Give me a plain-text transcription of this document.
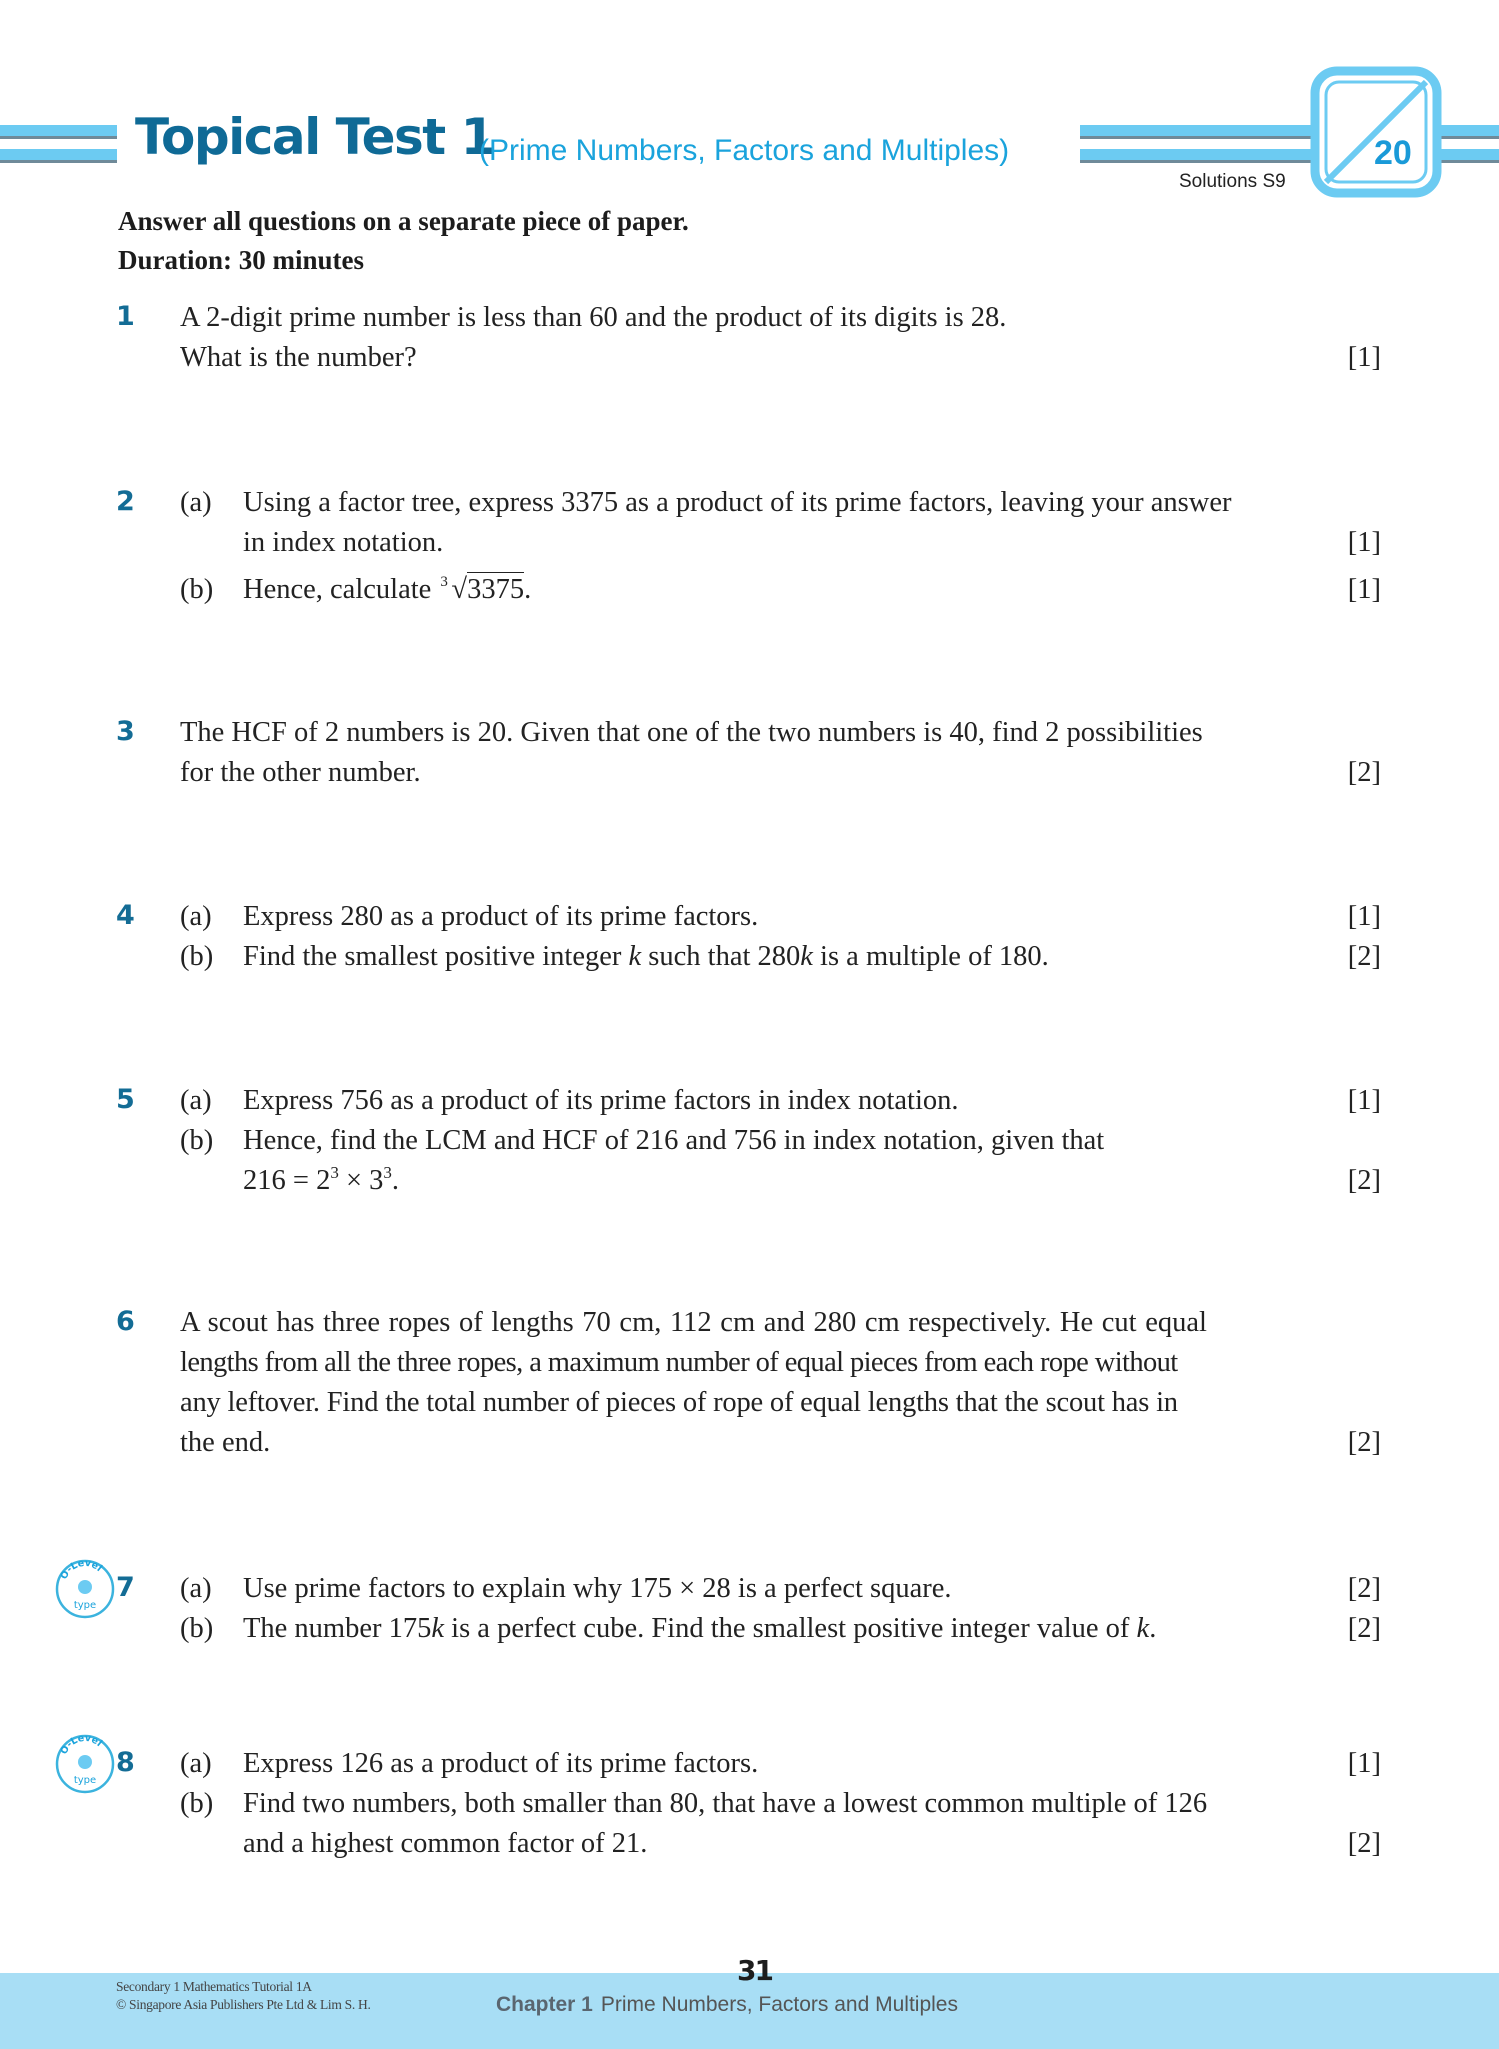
Topical Test 1
(Prime Numbers, Factors and Multiples)
Solutions S9
20
Answer all questions on a separate piece of paper.
Duration: 30 minutes
1 A 2-digit prime number is less than 60 and the product of its digits is 28.
What is the number?	[1]
2 (a) Using a factor tree, express 3375 as a product of its prime factors, leaving your answer
in index notation.	[1]
(b) Hence, calculate 3 √3375.	[1]
3 The HCF of 2 numbers is 20. Given that one of the two numbers is 40, find 2 possibilities
for the other number.	[2]
4 (a) Express 280 as a product of its prime factors.	[1]
(b) Find the smallest positive integer k such that 280k is a multiple of 180.	[2]
5 (a) Express 756 as a product of its prime factors in index notation.	[1]
(b) Hence, find the LCM and HCF of 216 and 756 in index notation, given that
$216 = 2^3 \times 3^3$.	[2]
6 A scout has three ropes of lengths 70 cm, 112 cm and 280 cm respectively. He cut equal
lengths from all the three ropes, a maximum number of equal pieces from each rope without
any leftover. Find the total number of pieces of rope of equal lengths that the scout has in
the end.	[2]
O-Level
type
7 (a) Use prime factors to explain why 175 × 28 is a perfect square.	[2]
(b) The number 175k is a perfect cube. Find the smallest positive integer value of k.	[2]
O-Level
type
8 (a) Express 126 as a product of its prime factors.	[1]
(b) Find two numbers, both smaller than 80, that have a lowest common multiple of 126
and a highest common factor of 21.	[2]
31
Secondary 1 Mathematics Tutorial 1A
© Singapore Asia Publishers Pte Ltd & Lim S. H.	Chapter 1 Prime Numbers, Factors and Multiples
